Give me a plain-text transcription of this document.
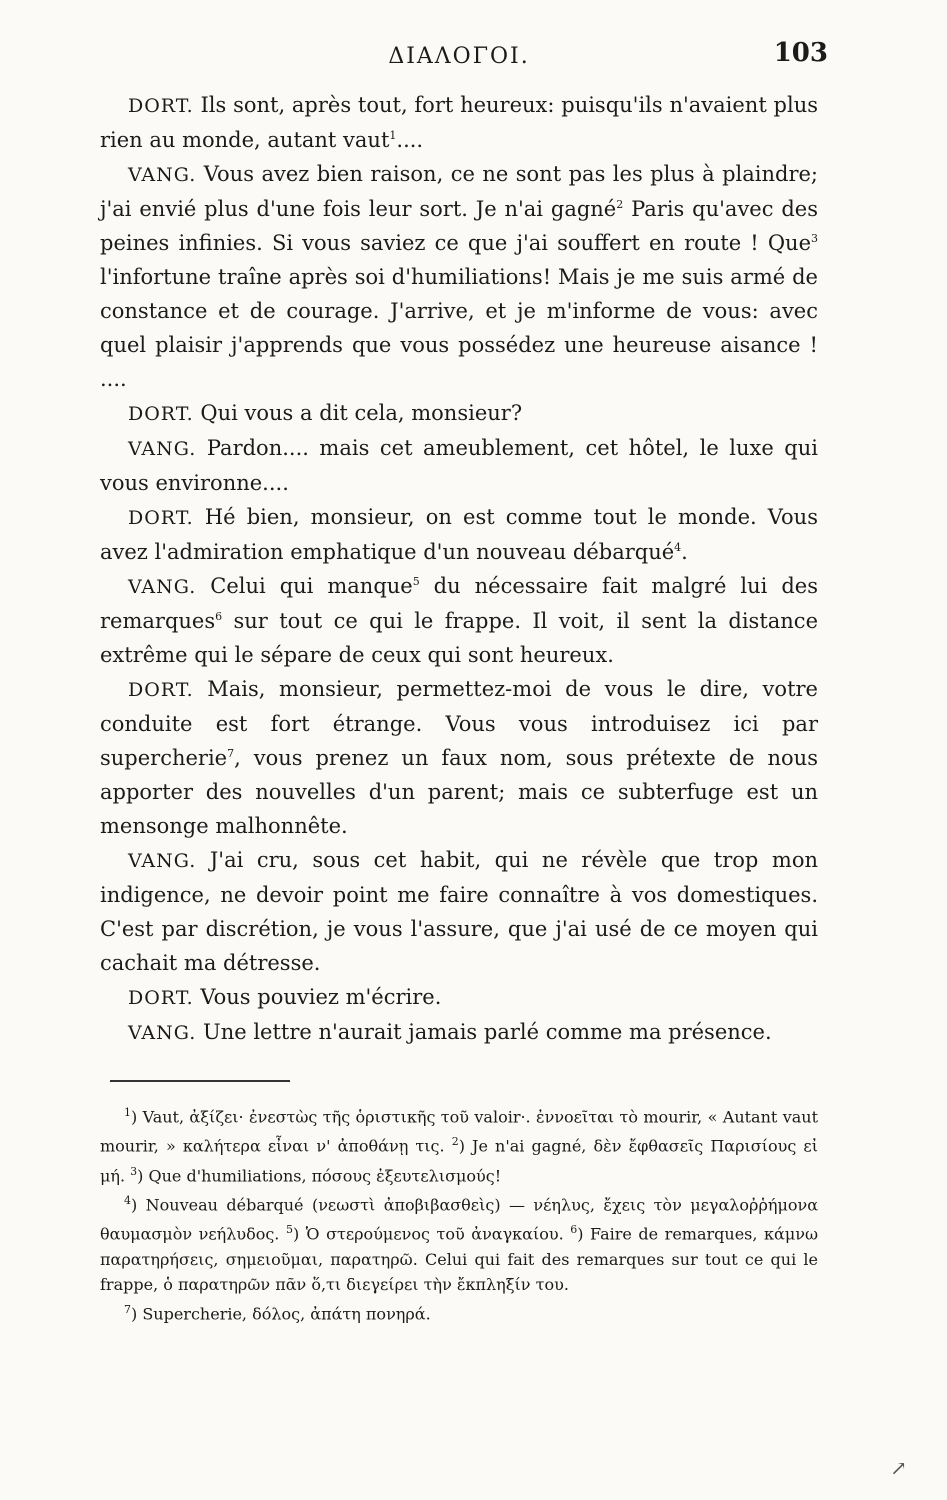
ΔΙΑΛΟΓΟΙ.	103

DORT. Ils sont, après tout, fort heureux: puisqu'ils n'avaient plus rien au monde, autant vaut$^1$....

VANG. Vous avez bien raison, ce ne sont pas les plus à plaindre; j'ai envié plus d'une fois leur sort. Je n'ai gagné$^2$ Paris qu'avec des peines infinies. Si vous saviez ce que j'ai souffert en route ! Que$^3$ l'infortune traîne après soi d'humiliations! Mais je me suis armé de constance et de courage. J'arrive, et je m'informe de vous: avec quel plaisir j'apprends que vous possédez une heureuse aisance ! ....

DORT. Qui vous a dit cela, monsieur?

VANG. Pardon.... mais cet ameublement, cet hôtel, le luxe qui vous environne....

DORT. Hé bien, monsieur, on est comme tout le monde. Vous avez l'admiration emphatique d'un nouveau débarqué$^4$.

VANG. Celui qui manque$^5$ du nécessaire fait malgré lui des remarques$^6$ sur tout ce qui le frappe. Il voit, il sent la distance extrême qui le sépare de ceux qui sont heureux.

DORT. Mais, monsieur, permettez-moi de vous le dire, votre conduite est fort étrange. Vous vous introduisez ici par supercherie$^7$, vous prenez un faux nom, sous prétexte de nous apporter des nouvelles d'un parent; mais ce subterfuge est un mensonge malhonnête.

VANG. J'ai cru, sous cet habit, qui ne révèle que trop mon indigence, ne devoir point me faire connaître à vos domestiques. C'est par discrétion, je vous l'assure, que j'ai usé de ce moyen qui cachait ma détresse.

DORT. Vous pouviez m'écrire.

VANG. Une lettre n'aurait jamais parlé comme ma présence.

$^1$) Vaut, ἀξίζει· ἐνεστὼς τῆς ὁριστικῆς τοῦ valoir·. ἐννοεῖται τὸ mourir, « Autant vaut mourir, » καλήτερα εἶναι ν' ἀποθάνῃ τις. $^2$) Je n'ai gagné, δὲν ἔφθασεῖς Παρισίους εἰ μή. $^3$) Que d'humiliations, πόσους ἐξευτελισμούς!

$^4$) Nouveau débarqué (νεωστὶ ἀποβιβασθεὶς) — νέηλυς, ἔχεις τὸν μεγαλοῤῥήμονα θαυμασμὸν νεήλυδος. $^5$) Ὁ στερούμενος τοῦ ἀναγκαίου. $^6$) Faire de remarques, κάμνω παρατηρήσεις, σημειοῦμαι, παρατηρῶ. Celui qui fait des remarques sur tout ce qui le frappe, ὁ παρατηρῶν πᾶν ὅ,τι διεγείρει τὴν ἔκπληξίν του.

$^7$) Supercherie, δόλος, ἀπάτη πονηρά.

↗
